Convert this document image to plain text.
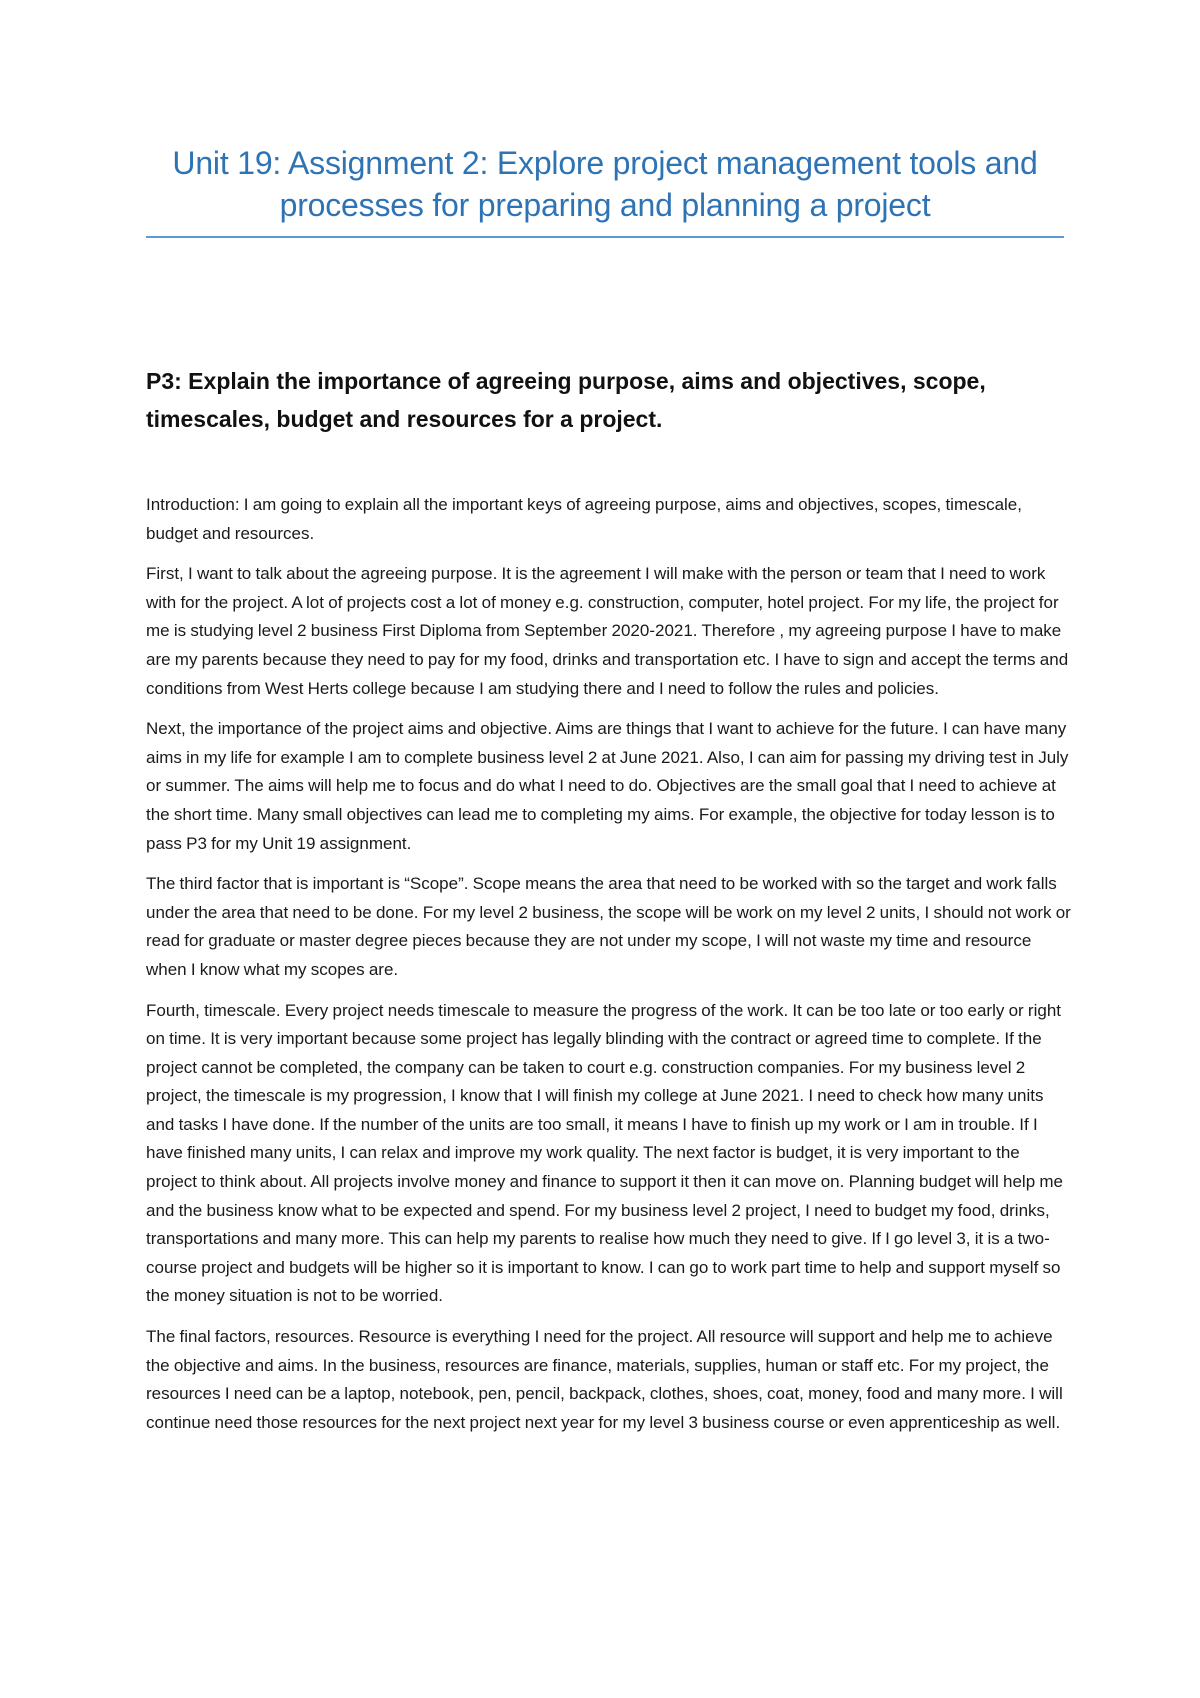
Unit 19: Assignment 2: Explore project management tools and processes for preparing and planning a project
P3: Explain the importance of agreeing purpose, aims and objectives, scope, timescales, budget and resources for a project.

Introduction: I am going to explain all the important keys of agreeing purpose, aims and objectives, scopes, timescale, budget and resources.

First, I want to talk about the agreeing purpose. It is the agreement I will make with the person or team that I need to work with for the project. A lot of projects cost a lot of money e.g. construction, computer, hotel project. For my life, the project for me is studying level 2 business First Diploma from September 2020-2021. Therefore , my agreeing purpose I have to make are my parents because they need to pay for my food, drinks and transportation etc. I have to sign and accept the terms and conditions from West Herts college because I am studying there and I need to follow the rules and policies.

Next, the importance of the project aims and objective. Aims are things that I want to achieve for the future. I can have many aims in my life for example I am to complete business level 2 at June 2021. Also, I can aim for passing my driving test in July or summer. The aims will help me to focus and do what I need to do. Objectives are the small goal that I need to achieve at the short time. Many small objectives can lead me to completing my aims. For example, the objective for today lesson is to pass P3 for my Unit 19 assignment.

The third factor that is important is “Scope”. Scope means the area that need to be worked with so the target and work falls under the area that need to be done. For my level 2 business, the scope will be work on my level 2 units, I should not work or read for graduate or master degree pieces because they are not under my scope, I will not waste my time and resource when I know what my scopes are.

Fourth, timescale. Every project needs timescale to measure the progress of the work. It can be too late or too early or right on time. It is very important because some project has legally blinding with the contract or agreed time to complete. If the project cannot be completed, the company can be taken to court e.g. construction companies. For my business level 2 project, the timescale is my progression, I know that I will finish my college at June 2021. I need to check how many units and tasks I have done. If the number of the units are too small, it means I have to finish up my work or I am in trouble. If I have finished many units, I can relax and improve my work quality. The next factor is budget, it is very important to the project to think about. All projects involve money and finance to support it then it can move on. Planning budget will help me and the business know what to be expected and spend. For my business level 2 project, I need to budget my food, drinks, transportations and many more. This can help my parents to realise how much they need to give. If I go level 3, it is a two-course project and budgets will be higher so it is important to know. I can go to work part time to help and support myself so the money situation is not to be worried.

The final factors, resources. Resource is everything I need for the project. All resource will support and help me to achieve the objective and aims. In the business, resources are finance, materials, supplies, human or staff etc. For my project, the resources I need can be a laptop, notebook, pen, pencil, backpack, clothes, shoes, coat, money, food and many more. I will continue need those resources for the next project next year for my level 3 business course or even apprenticeship as well.
